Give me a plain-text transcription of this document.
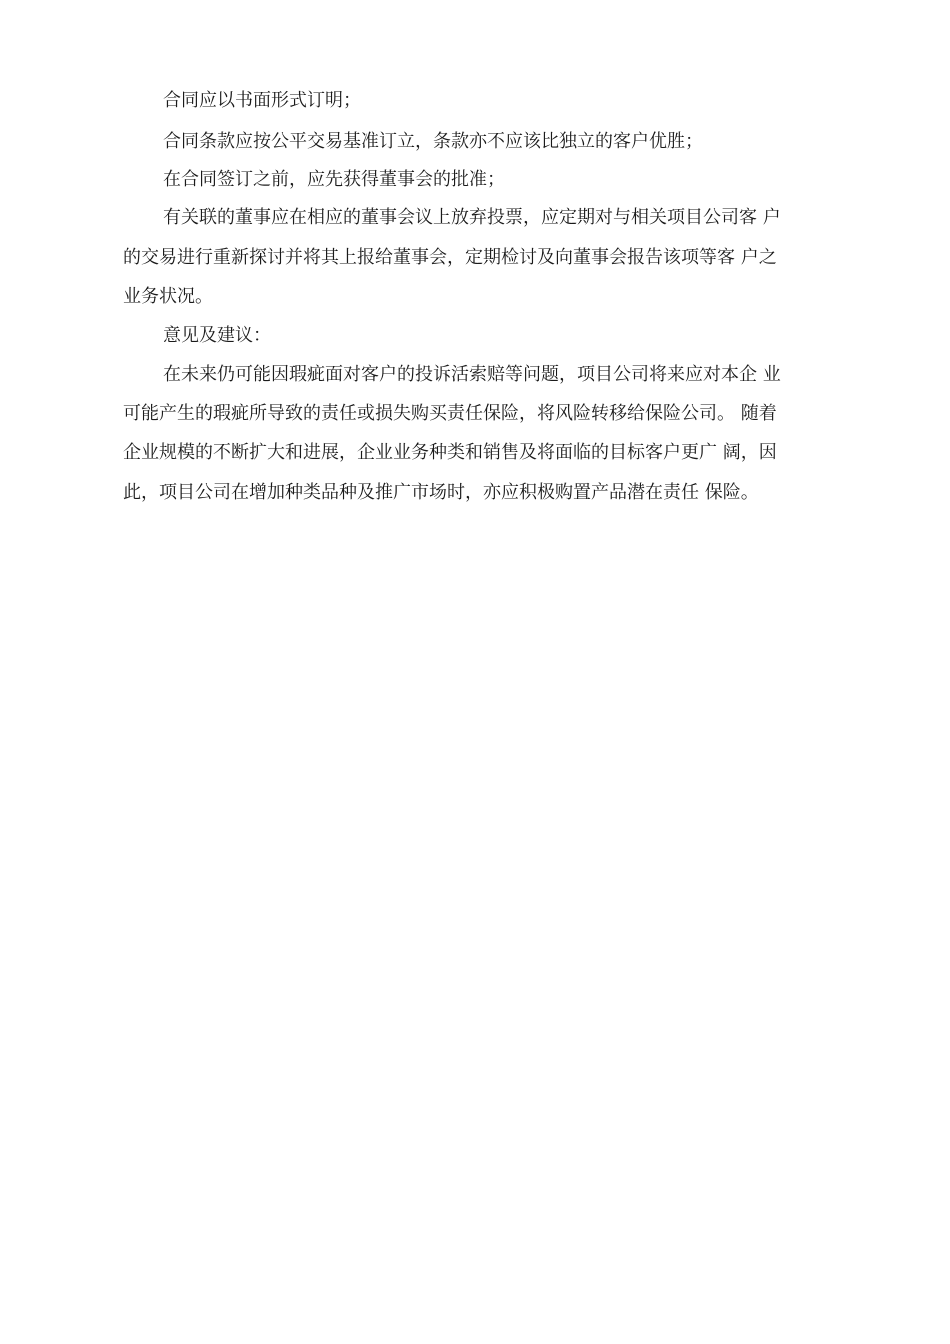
合同应以书面形式订明；
合同条款应按公平交易基准订立，条款亦不应该比独立的客户优胜；
在合同签订之前，应先获得董事会的批准；
有关联的董事应在相应的董事会议上放弃投票，应定期对与相关项目公司客 户
的交易进行重新探讨并将其上报给董事会，定期检讨及向董事会报告该项等客 户之
业务状况。
意见及建议：
在未来仍可能因瑕疵面对客户的投诉活索赔等问题，项目公司将来应对本企 业
可能产生的瑕疵所导致的责任或损失购买责任保险，将风险转移给保险公司。 随着
企业规模的不断扩大和进展，企业业务种类和销售及将面临的目标客户更广 阔，因
此，项目公司在增加种类品种及推广市场时，亦应积极购置产品潜在责任 保险。
